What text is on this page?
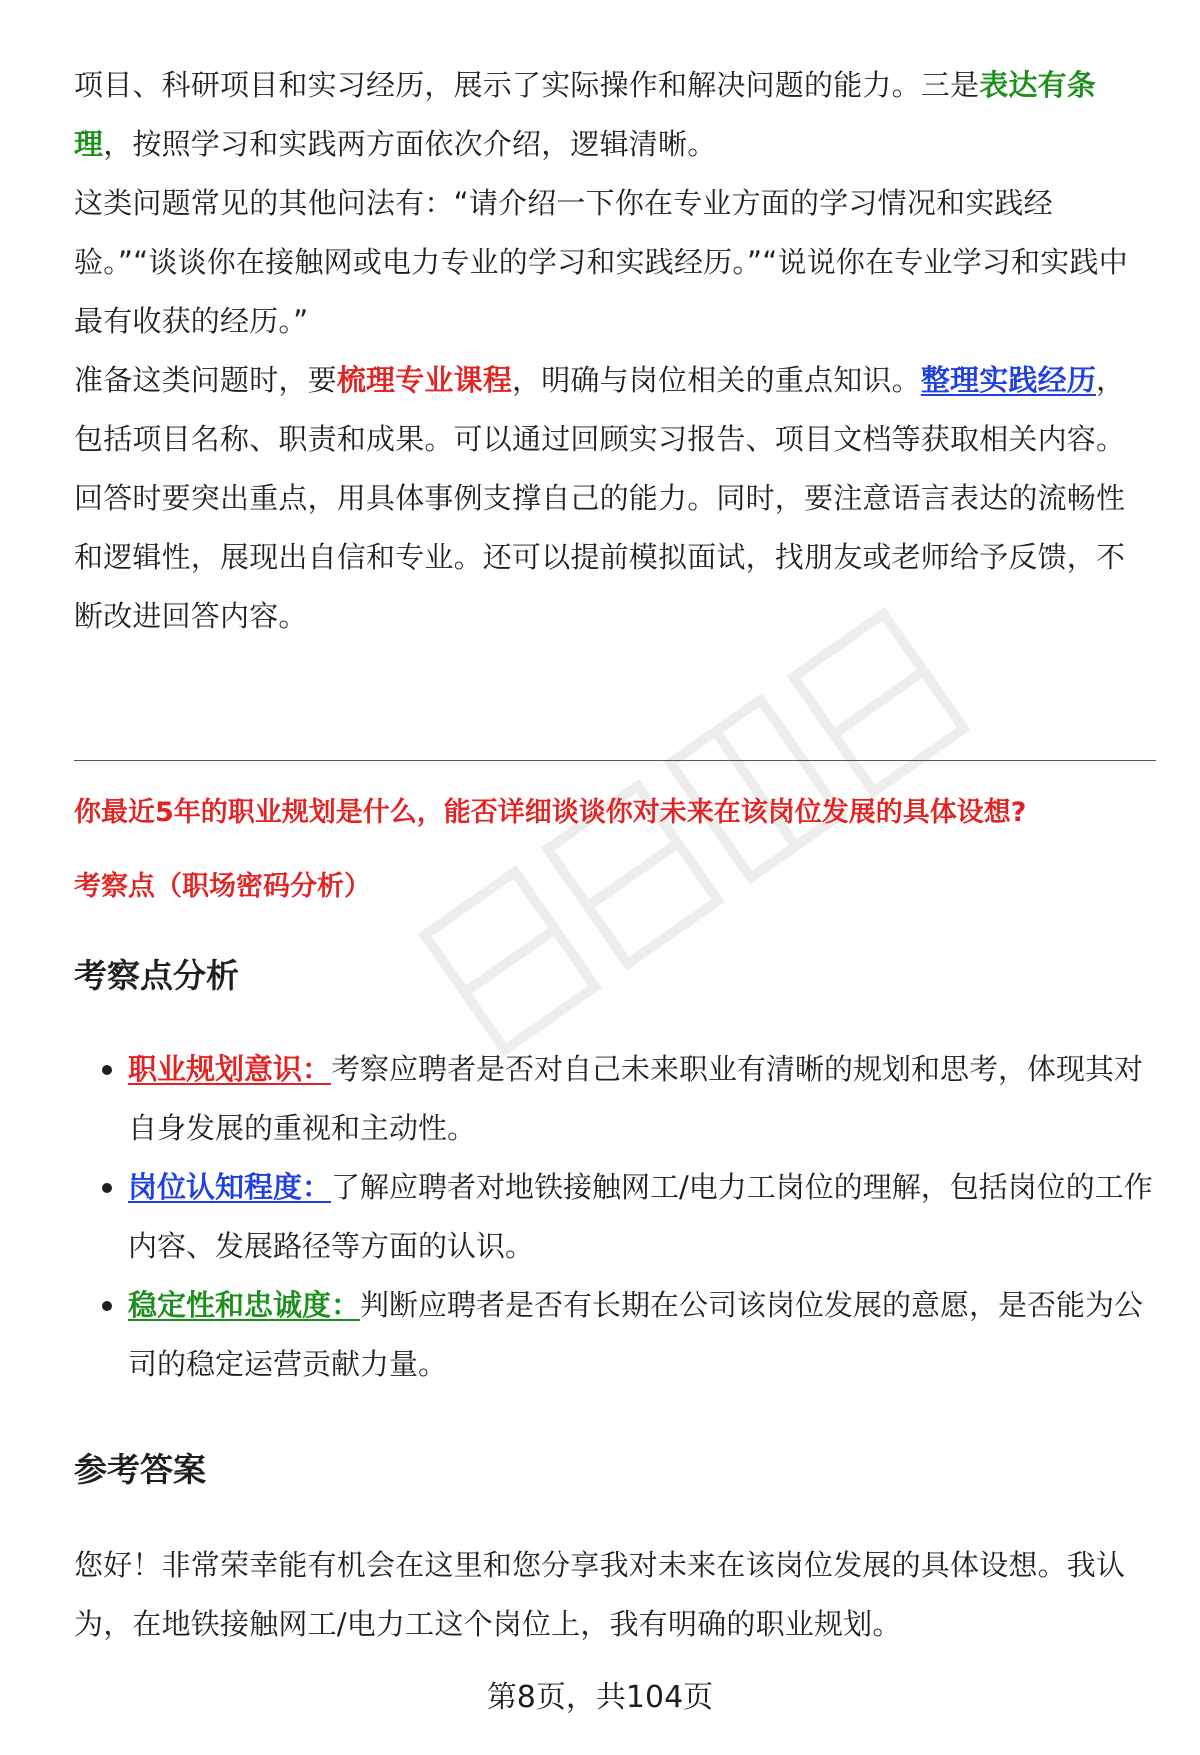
项目、科研项目和实习经历，展示了实际操作和解决问题的能力。三是表达有条理，按照学习和实践两方面依次介绍，逻辑清晰。

这类问题常见的其他问法有：“请介绍一下你在专业方面的学习情况和实践经验。”“谈谈你在接触网或电力专业的学习和实践经历。”“说说你在专业学习和实践中最有收获的经历。”

准备这类问题时，要梳理专业课程，明确与岗位相关的重点知识。整理实践经历，包括项目名称、职责和成果。可以通过回顾实习报告、项目文档等获取相关内容。回答时要突出重点，用具体事例支撑自己的能力。同时，要注意语言表达的流畅性和逻辑性，展现出自信和专业。还可以提前模拟面试，找朋友或老师给予反馈，不断改进回答内容。

你最近5年的职业规划是什么，能否详细谈谈你对未来在该岗位发展的具体设想?

考察点（职场密码分析）

考察点分析
职业规划意识：考察应聘者是否对自己未来职业有清晰的规划和思考，体现其对自身发展的重视和主动性。
岗位认知程度：了解应聘者对地铁接触网工/电力工岗位的理解，包括岗位的工作内容、发展路径等方面的认识。
稳定性和忠诚度：判断应聘者是否有长期在公司该岗位发展的意愿，是否能为公司的稳定运营贡献力量。
参考答案

您好！非常荣幸能有机会在这里和您分享我对未来在该岗位发展的具体设想。我认为，在地铁接触网工/电力工这个岗位上，我有明确的职业规划。

第8页，共104页
